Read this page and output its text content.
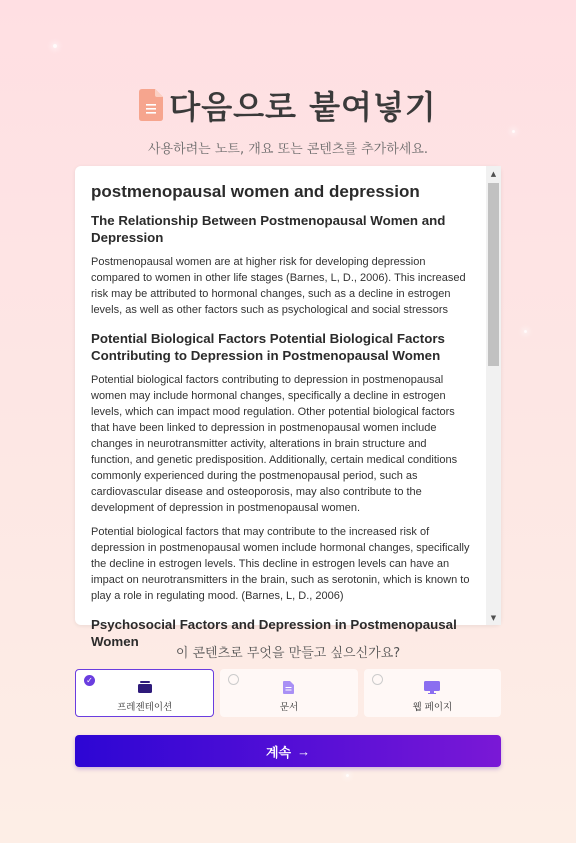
다음으로 붙여넣기
사용하려는 노트, 개요 또는 콘텐츠를 추가하세요.
postmenopausal women and depression
The Relationship Between Postmenopausal Women and Depression

Postmenopausal women are at higher risk for developing depression compared to women in other life stages (Barnes, L, D., 2006). This increased risk may be attributed to hormonal changes, such as a decline in estrogen levels, as well as other factors such as psychological and social stressors

Potential Biological Factors Potential Biological Factors Contributing to Depression in Postmenopausal Women

Potential biological factors contributing to depression in postmenopausal women may include hormonal changes, specifically a decline in estrogen levels, which can impact mood regulation. Other potential biological factors that have been linked to depression in postmenopausal women include changes in neurotransmitter activity, alterations in brain structure and function, and genetic predisposition. Additionally, certain medical conditions commonly experienced during the postmenopausal period, such as cardiovascular disease and osteoporosis, may also contribute to the development of depression in postmenopausal women.

Potential biological factors that may contribute to the increased risk of depression in postmenopausal women include hormonal changes, specifically the decline in estrogen levels. This decline in estrogen levels can have an impact on neurotransmitters in the brain, such as serotonin, which is known to play a role in regulating mood. (Barnes, L, D., 2006)

Psychosocial Factors and Depression in Postmenopausal Women
▲
▼
이 콘텐츠로 무엇을 만들고 싶으신가요?
✓
프레젠테이션	문서	웹 페이지
계속 →
